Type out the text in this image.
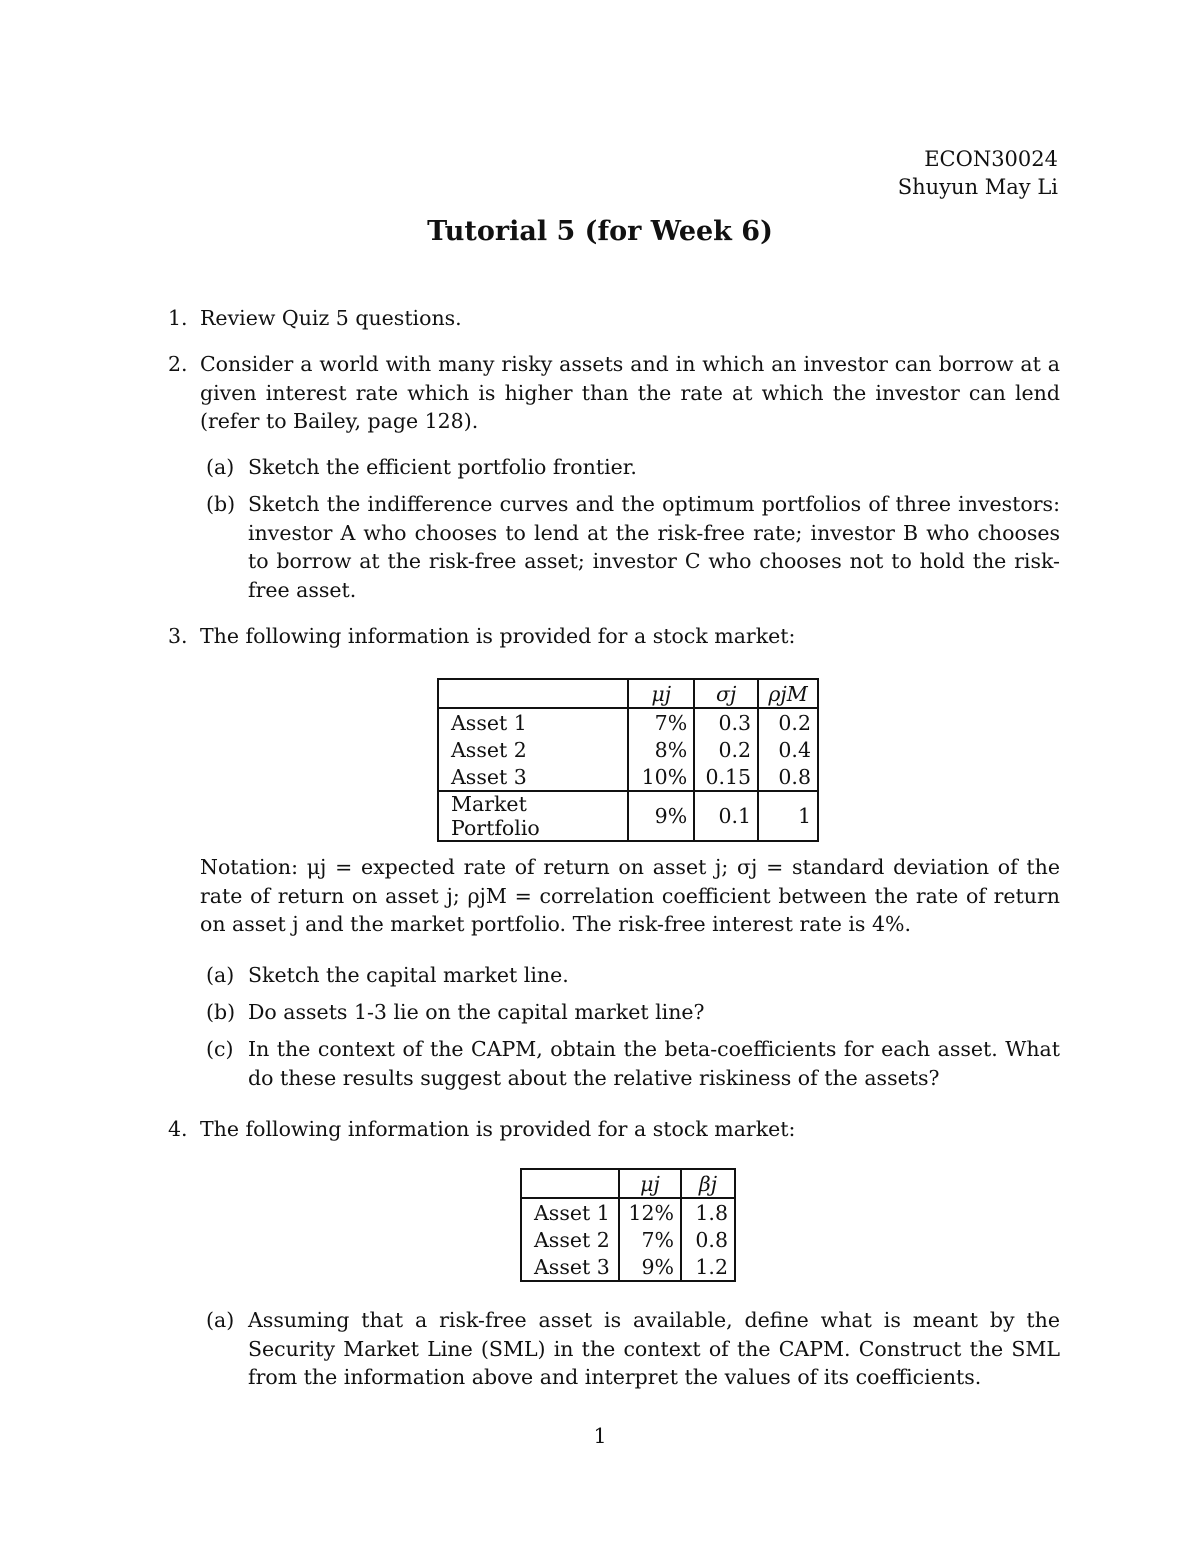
ECON30024
Shuyun May Li
Tutorial 5 (for Week 6)
1. Review Quiz 5 questions.
2. Consider a world with many risky assets and in which an investor can borrow at a given interest rate which is higher than the rate at which the investor can lend (refer to Bailey, page 128).
(a) Sketch the efficient portfolio frontier.
(b) Sketch the indifference curves and the optimum portfolios of three investors: investor A who chooses to lend at the risk-free rate; investor B who chooses to borrow at the risk-free asset; investor C who chooses not to hold the risk-free asset.
3. The following information is provided for a stock market:
	μj	σj	ρjM
Asset 1	7%	0.3	0.2
Asset 2	8%	0.2	0.4
Asset 3	10%	0.15	0.8
Market Portfolio	9%	0.1	1
Notation: μj = expected rate of return on asset j; σj = standard deviation of the rate of return on asset j; ρjM = correlation coefficient between the rate of return on asset j and the market portfolio. The risk-free interest rate is 4%.
(a) Sketch the capital market line.
(b) Do assets 1-3 lie on the capital market line?
(c) In the context of the CAPM, obtain the beta-coefficients for each asset. What do these results suggest about the relative riskiness of the assets?
4. The following information is provided for a stock market:
	μj	βj
Asset 1	12%	1.8
Asset 2	7%	0.8
Asset 3	9%	1.2
(a) Assuming that a risk-free asset is available, define what is meant by the Security Market Line (SML) in the context of the CAPM. Construct the SML from the information above and interpret the values of its coefficients.
1
